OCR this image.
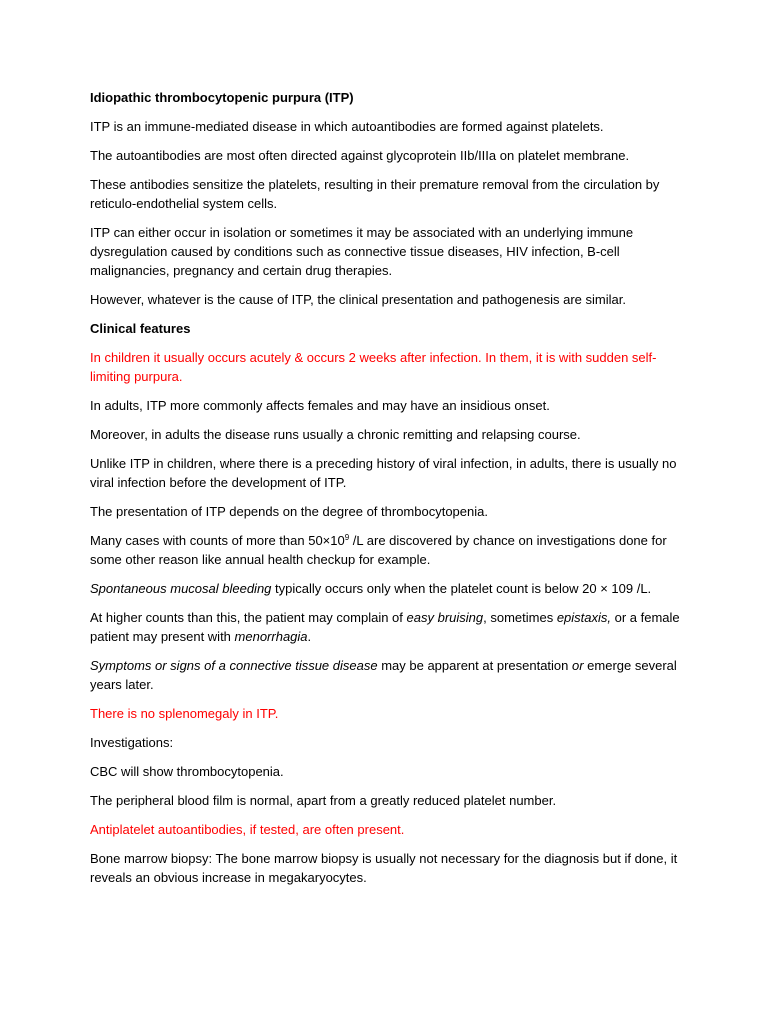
Idiopathic thrombocytopenic purpura (ITP)

ITP is an immune-mediated disease in which autoantibodies are formed against platelets.

The autoantibodies are most often directed against glycoprotein IIb/IIIa on platelet membrane.

These antibodies sensitize the platelets, resulting in their premature removal from the circulation by reticulo-endothelial system cells.

ITP can either occur in isolation or sometimes it may be associated with an underlying immune dysregulation caused by conditions such as connective tissue diseases, HIV infection, B-cell malignancies, pregnancy and certain drug therapies.

However, whatever is the cause of ITP, the clinical presentation and pathogenesis are similar.

Clinical features

In children it usually occurs acutely & occurs 2 weeks after infection. In them, it is with sudden self-limiting purpura.

In adults, ITP more commonly affects females and may have an insidious onset.

Moreover, in adults the disease runs usually a chronic remitting and relapsing course.

Unlike ITP in children, where there is a preceding history of viral infection, in adults, there is usually no viral infection before the development of ITP.

The presentation of ITP depends on the degree of thrombocytopenia.

Many cases with counts of more than $50\times 10^9$ /L are discovered by chance on investigations done for some other reason like annual health checkup for example.

Spontaneous mucosal bleeding typically occurs only when the platelet count is below 20 × 109 /L.

At higher counts than this, the patient may complain of easy bruising, sometimes epistaxis, or a female patient may present with menorrhagia.

Symptoms or signs of a connective tissue disease may be apparent at presentation or emerge several years later.

There is no splenomegaly in ITP.

Investigations:

CBC will show thrombocytopenia.

The peripheral blood film is normal, apart from a greatly reduced platelet number.

Antiplatelet autoantibodies, if tested, are often present.

Bone marrow biopsy: The bone marrow biopsy is usually not necessary for the diagnosis but if done, it reveals an obvious increase in megakaryocytes.
